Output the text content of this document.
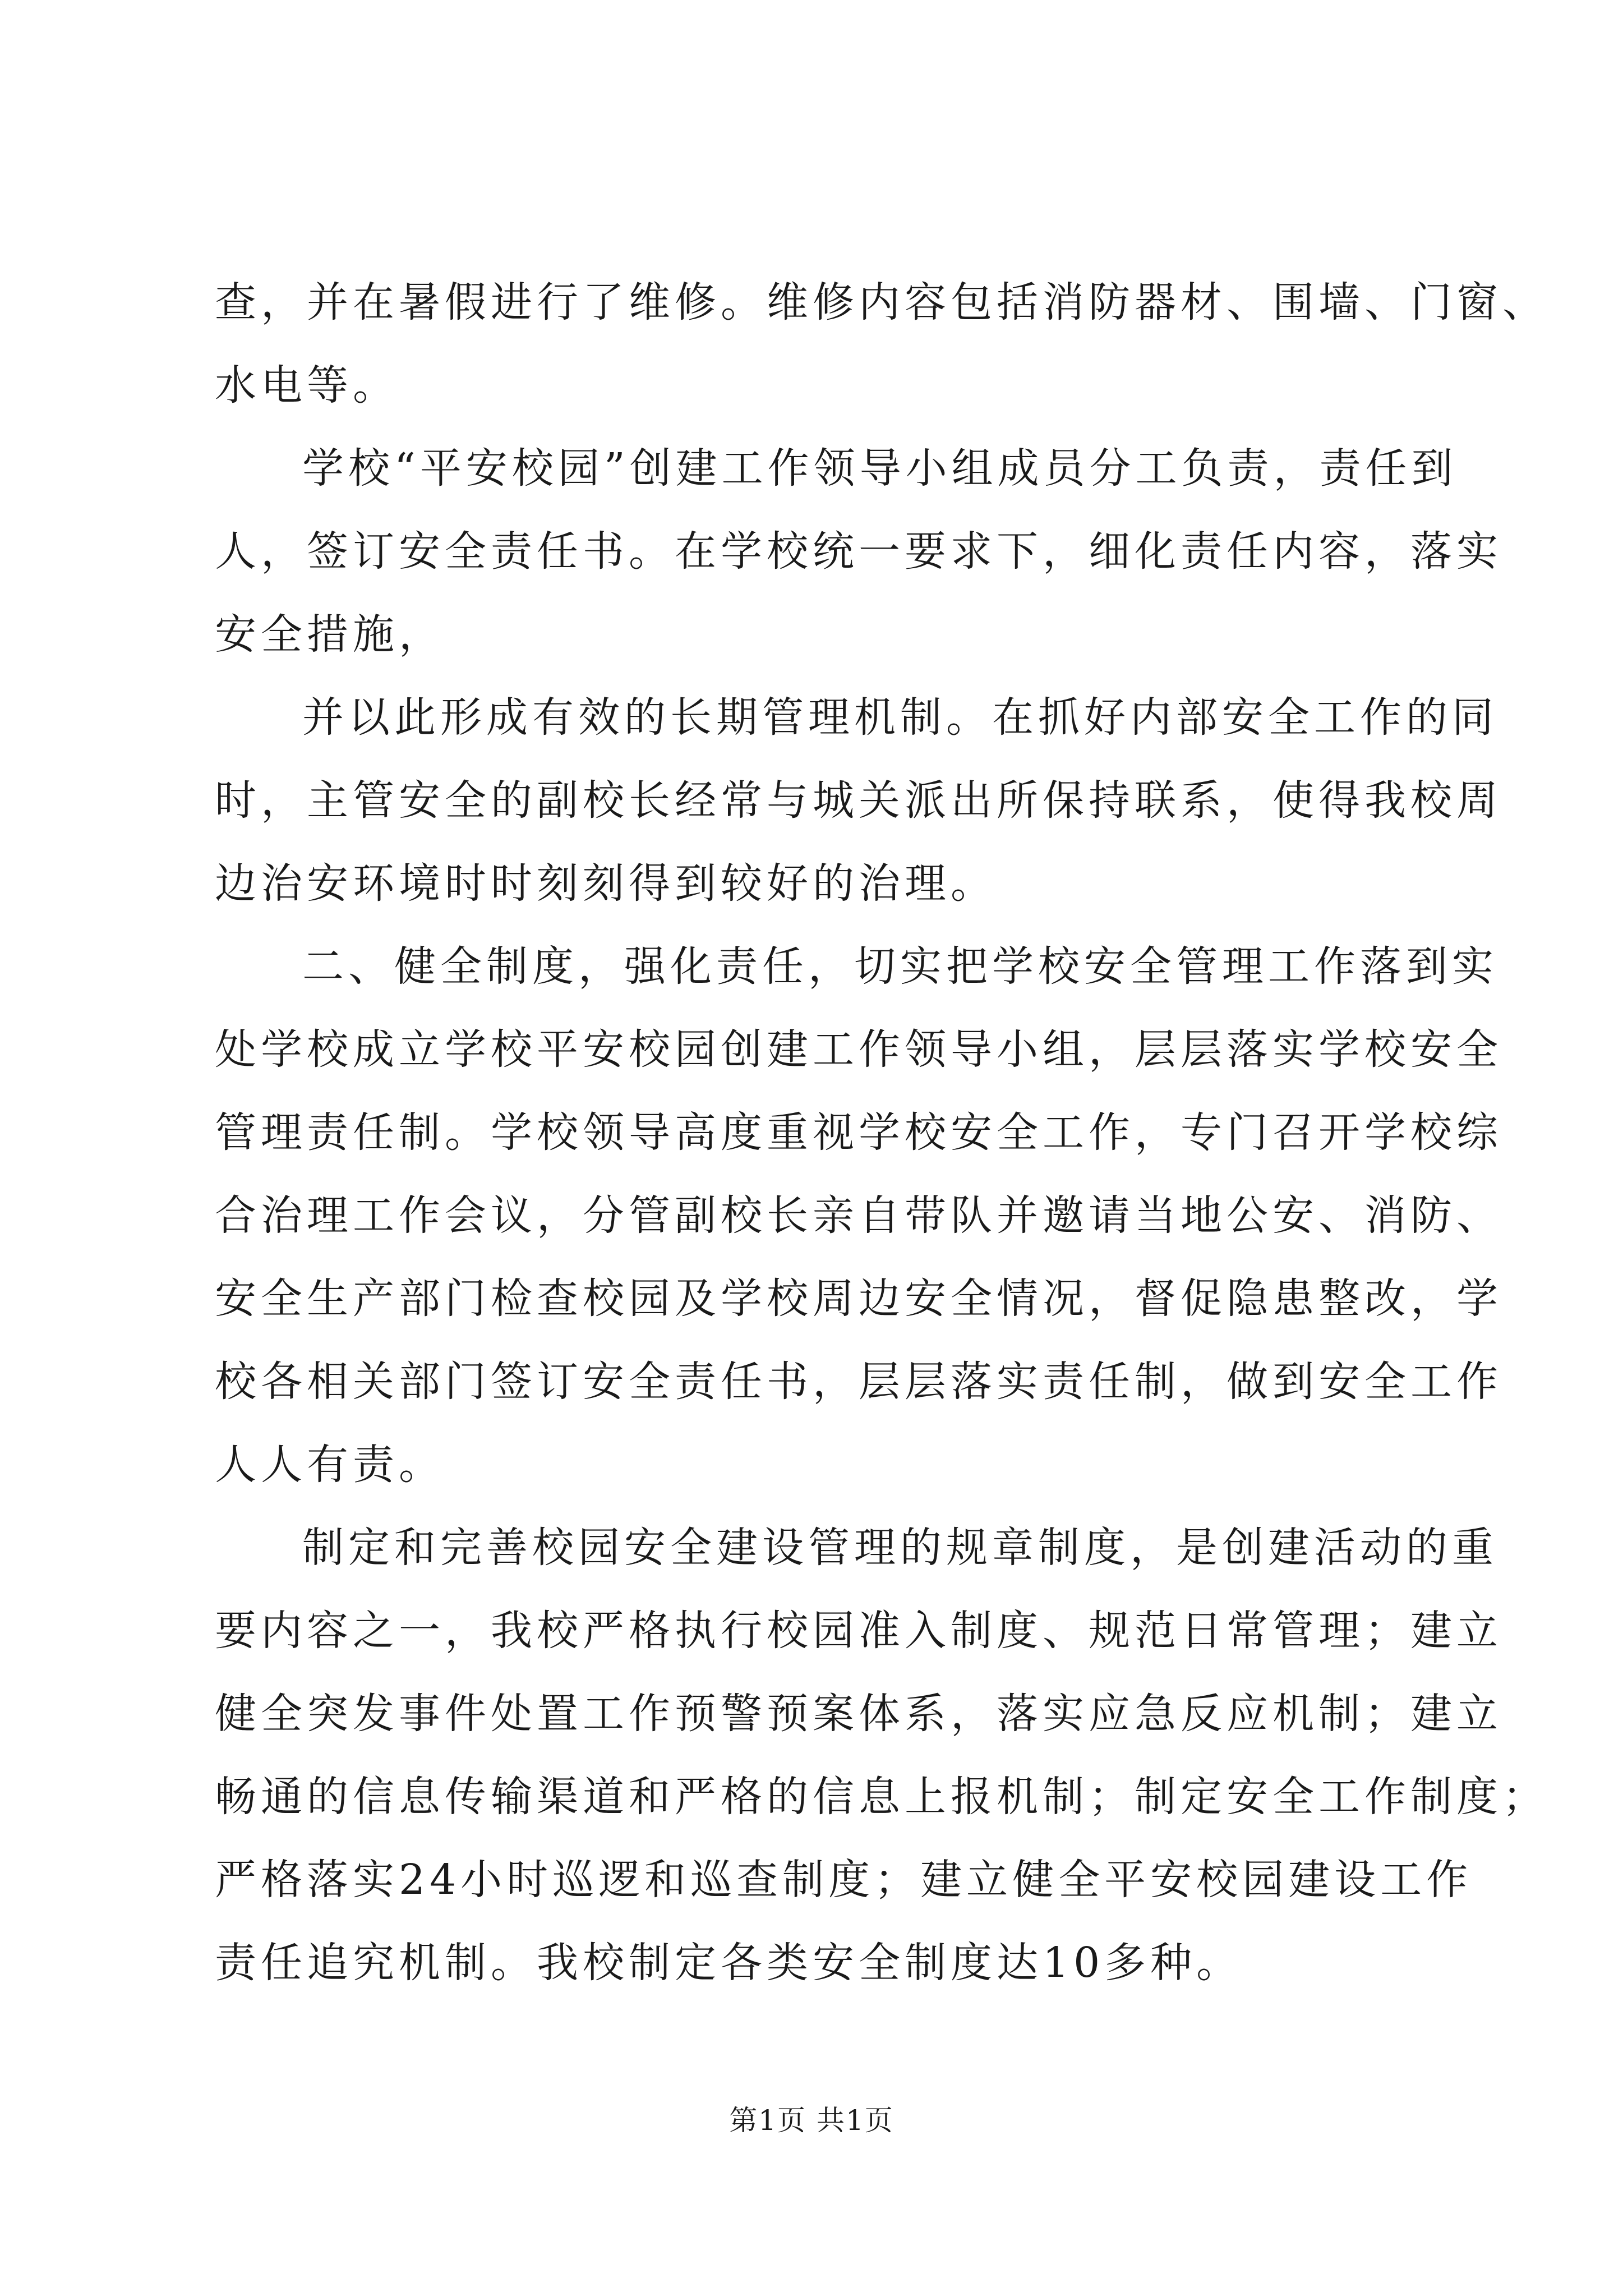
查，并在暑假进行了维修。维修内容包括消防器材、围墙、门窗、

水电等。

学校“平安校园”创建工作领导小组成员分工负责，责任到

人，签订安全责任书。在学校统一要求下，细化责任内容，落实

安全措施，

并以此形成有效的长期管理机制。在抓好内部安全工作的同

时，主管安全的副校长经常与城关派出所保持联系，使得我校周

边治安环境时时刻刻得到较好的治理。

二、健全制度，强化责任，切实把学校安全管理工作落到实

处学校成立学校平安校园创建工作领导小组，层层落实学校安全

管理责任制。学校领导高度重视学校安全工作，专门召开学校综

合治理工作会议，分管副校长亲自带队并邀请当地公安、消防、

安全生产部门检查校园及学校周边安全情况，督促隐患整改，学

校各相关部门签订安全责任书，层层落实责任制，做到安全工作

人人有责。

制定和完善校园安全建设管理的规章制度，是创建活动的重

要内容之一，我校严格执行校园准入制度、规范日常管理；建立

健全突发事件处置工作预警预案体系，落实应急反应机制；建立

畅通的信息传输渠道和严格的信息上报机制；制定安全工作制度；

严格落实24小时巡逻和巡查制度；建立健全平安校园建设工作

责任追究机制。我校制定各类安全制度达10多种。

第1页 共1页
